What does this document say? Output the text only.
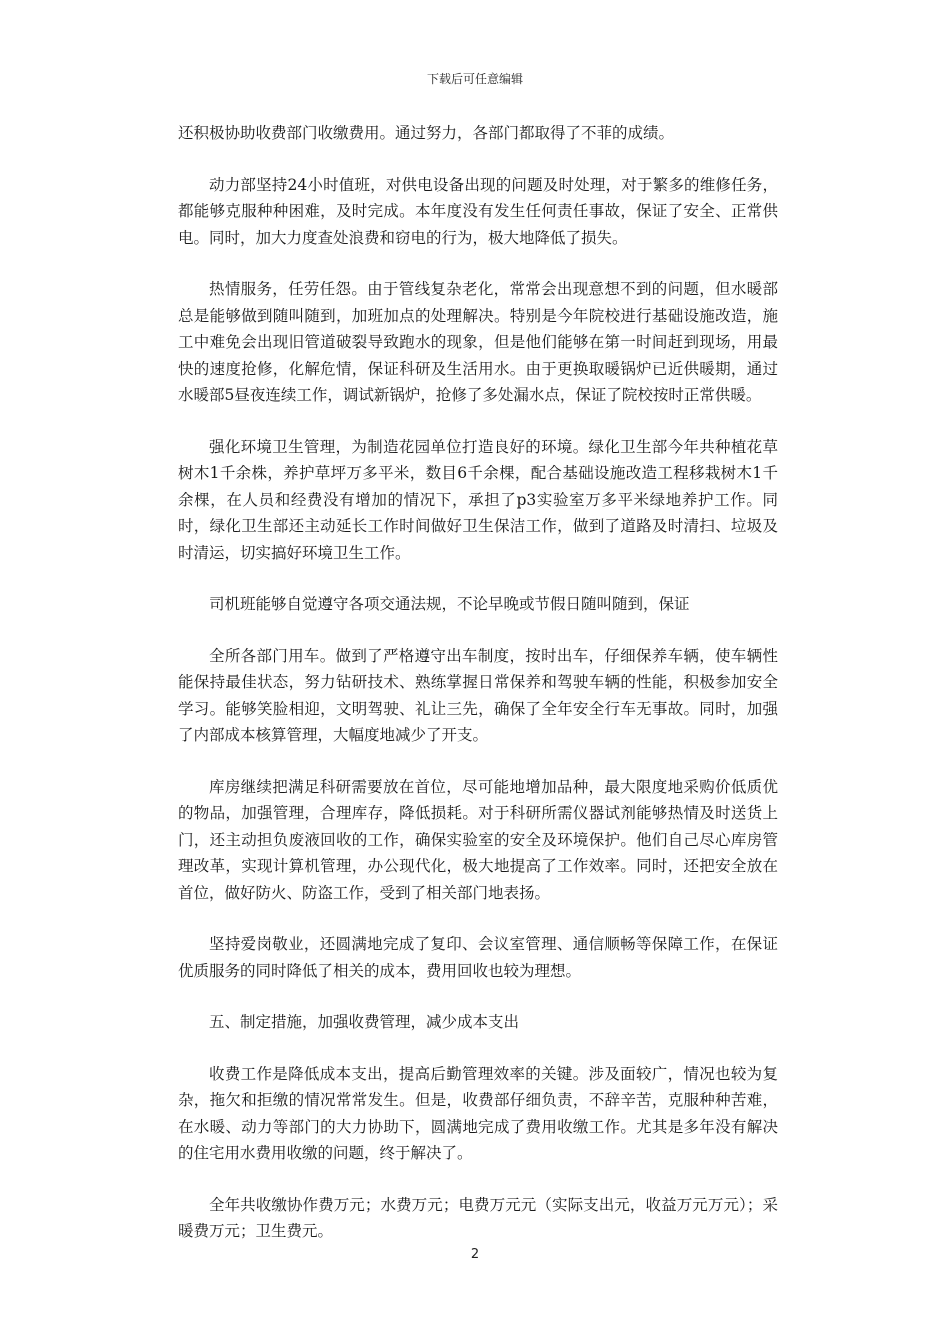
下载后可任意编辑

还积极协助收费部门收缴费用。通过努力，各部门都取得了不菲的成绩。

动力部坚持24小时值班，对供电设备出现的问题及时处理，对于繁多的维修任务，都能够克服种种困难，及时完成。本年度没有发生任何责任事故，保证了安全、正常供电。同时，加大力度查处浪费和窃电的行为，极大地降低了损失。

热情服务，任劳任怨。由于管线复杂老化，常常会出现意想不到的问题，但水暖部总是能够做到随叫随到，加班加点的处理解决。特别是今年院校进行基础设施改造，施工中难免会出现旧管道破裂导致跑水的现象，但是他们能够在第一时间赶到现场，用最快的速度抢修，化解危情，保证科研及生活用水。由于更换取暖锅炉已近供暖期，通过水暖部5昼夜连续工作，调试新锅炉，抢修了多处漏水点，保证了院校按时正常供暖。

强化环境卫生管理，为制造花园单位打造良好的环境。绿化卫生部今年共种植花草树木1千余株，养护草坪万多平米，数目6千余棵，配合基础设施改造工程移栽树木1千余棵，在人员和经费没有增加的情况下，承担了p3实验室万多平米绿地养护工作。同时，绿化卫生部还主动延长工作时间做好卫生保洁工作，做到了道路及时清扫、垃圾及时清运，切实搞好环境卫生工作。

司机班能够自觉遵守各项交通法规，不论早晚或节假日随叫随到，保证

全所各部门用车。做到了严格遵守出车制度，按时出车，仔细保养车辆，使车辆性能保持最佳状态，努力钻研技术、熟练掌握日常保养和驾驶车辆的性能，积极参加安全学习。能够笑脸相迎，文明驾驶、礼让三先，确保了全年安全行车无事故。同时，加强了内部成本核算管理，大幅度地减少了开支。

库房继续把满足科研需要放在首位，尽可能地增加品种，最大限度地采购价低质优的物品，加强管理，合理库存，降低损耗。对于科研所需仪器试剂能够热情及时送货上门，还主动担负废液回收的工作，确保实验室的安全及环境保护。他们自己尽心库房管理改革，实现计算机管理，办公现代化，极大地提高了工作效率。同时，还把安全放在首位，做好防火、防盗工作，受到了相关部门地表扬。

坚持爱岗敬业，还圆满地完成了复印、会议室管理、通信顺畅等保障工作，在保证优质服务的同时降低了相关的成本，费用回收也较为理想。

五、制定措施，加强收费管理，减少成本支出

收费工作是降低成本支出，提高后勤管理效率的关键。涉及面较广，情况也较为复杂，拖欠和拒缴的情况常常发生。但是，收费部仔细负责，不辞辛苦，克服种种苦难，在水暖、动力等部门的大力协助下，圆满地完成了费用收缴工作。尤其是多年没有解决的住宅用水费用收缴的问题，终于解决了。

全年共收缴协作费万元；水费万元；电费万元元（实际支出元，收益万元万元）；采暖费万元；卫生费元。

2
